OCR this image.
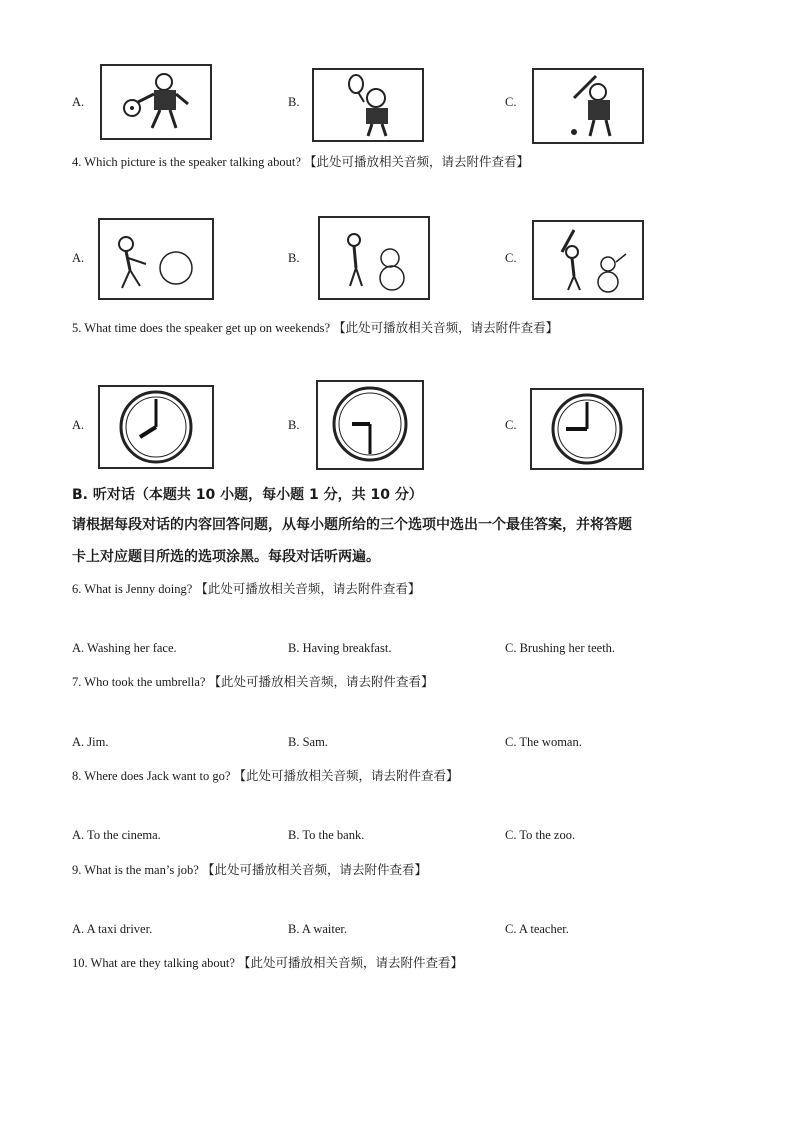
A.	B.	C.
4. Which picture is the speaker talking about? 【此处可播放相关音频，请去附件查看】
A.	B.	C.
5. What time does the speaker get up on weekends? 【此处可播放相关音频，请去附件查看】
A.	B.	C.
B. 听对话（本题共 10 小题，每小题 1 分，共 10 分）
请根据每段对话的内容回答问题，从每小题所给的三个选项中选出一个最佳答案，并将答题
卡上对应题目所选的选项涂黑。每段对话听两遍。
6. What is Jenny doing? 【此处可播放相关音频，请去附件查看】
A. Washing her face.	B. Having breakfast.	C. Brushing her teeth.
7. Who took the umbrella? 【此处可播放相关音频，请去附件查看】
A. Jim.	B. Sam.	C. The woman.
8. Where does Jack want to go? 【此处可播放相关音频，请去附件查看】
A. To the cinema.	B. To the bank.	C. To the zoo.
9. What is the man’s job? 【此处可播放相关音频，请去附件查看】
A. A taxi driver.	B. A waiter.	C. A teacher.
10. What are they talking about? 【此处可播放相关音频，请去附件查看】
